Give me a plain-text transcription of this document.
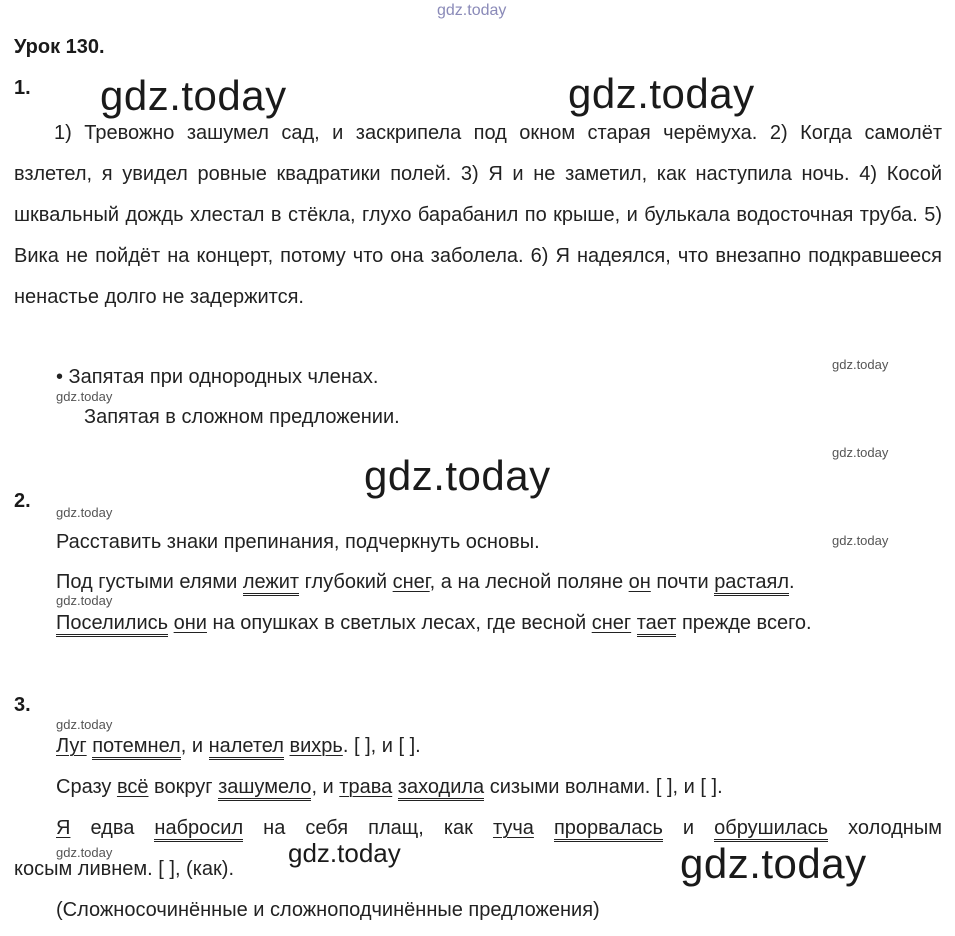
gdz.today
gdz.today	gdz.today
gdz.today
gdz.today
gdz.today
gdz.today
gdz.today
gdz.today
gdz.today
gdz.today
gdz.today
gdz.today
gdz.today
Урок 130.
1.
1) Тревожно зашумел сад, и заскрипела под окном старая черёмуха. 2) Когда самолёт взлетел, я увидел ровные квадратики полей. 3) Я и не заметил, как наступила ночь. 4) Косой шквальный дождь хлестал в стёкла, глухо барабанил по крыше, и булькала водосточная труба. 5) Вика не пойдёт на концерт, потому что она заболела. 6) Я надеялся, что внезапно подкравшееся ненастье долго не задержится.
• Запятая при однородных членах.
Запятая в сложном предложении.
2.
Расставить знаки препинания, подчеркнуть основы.
Под густыми елями лежит глубокий снег, а на лесной поляне он почти растаял.
Поселились они на опушках в светлых лесах, где весной снег тает прежде всего.
3.
Луг потемнел, и налетел вихрь. [ ], и [ ].
Сразу всё вокруг зашумело, и трава заходила сизыми волнами. [ ], и [ ].
Я едва набросил на себя плащ, как туча прорвалась и обрушилась холодным
косым ливнем. [ ], (как).
(Сложносочинённые и сложноподчинённые предложения)
